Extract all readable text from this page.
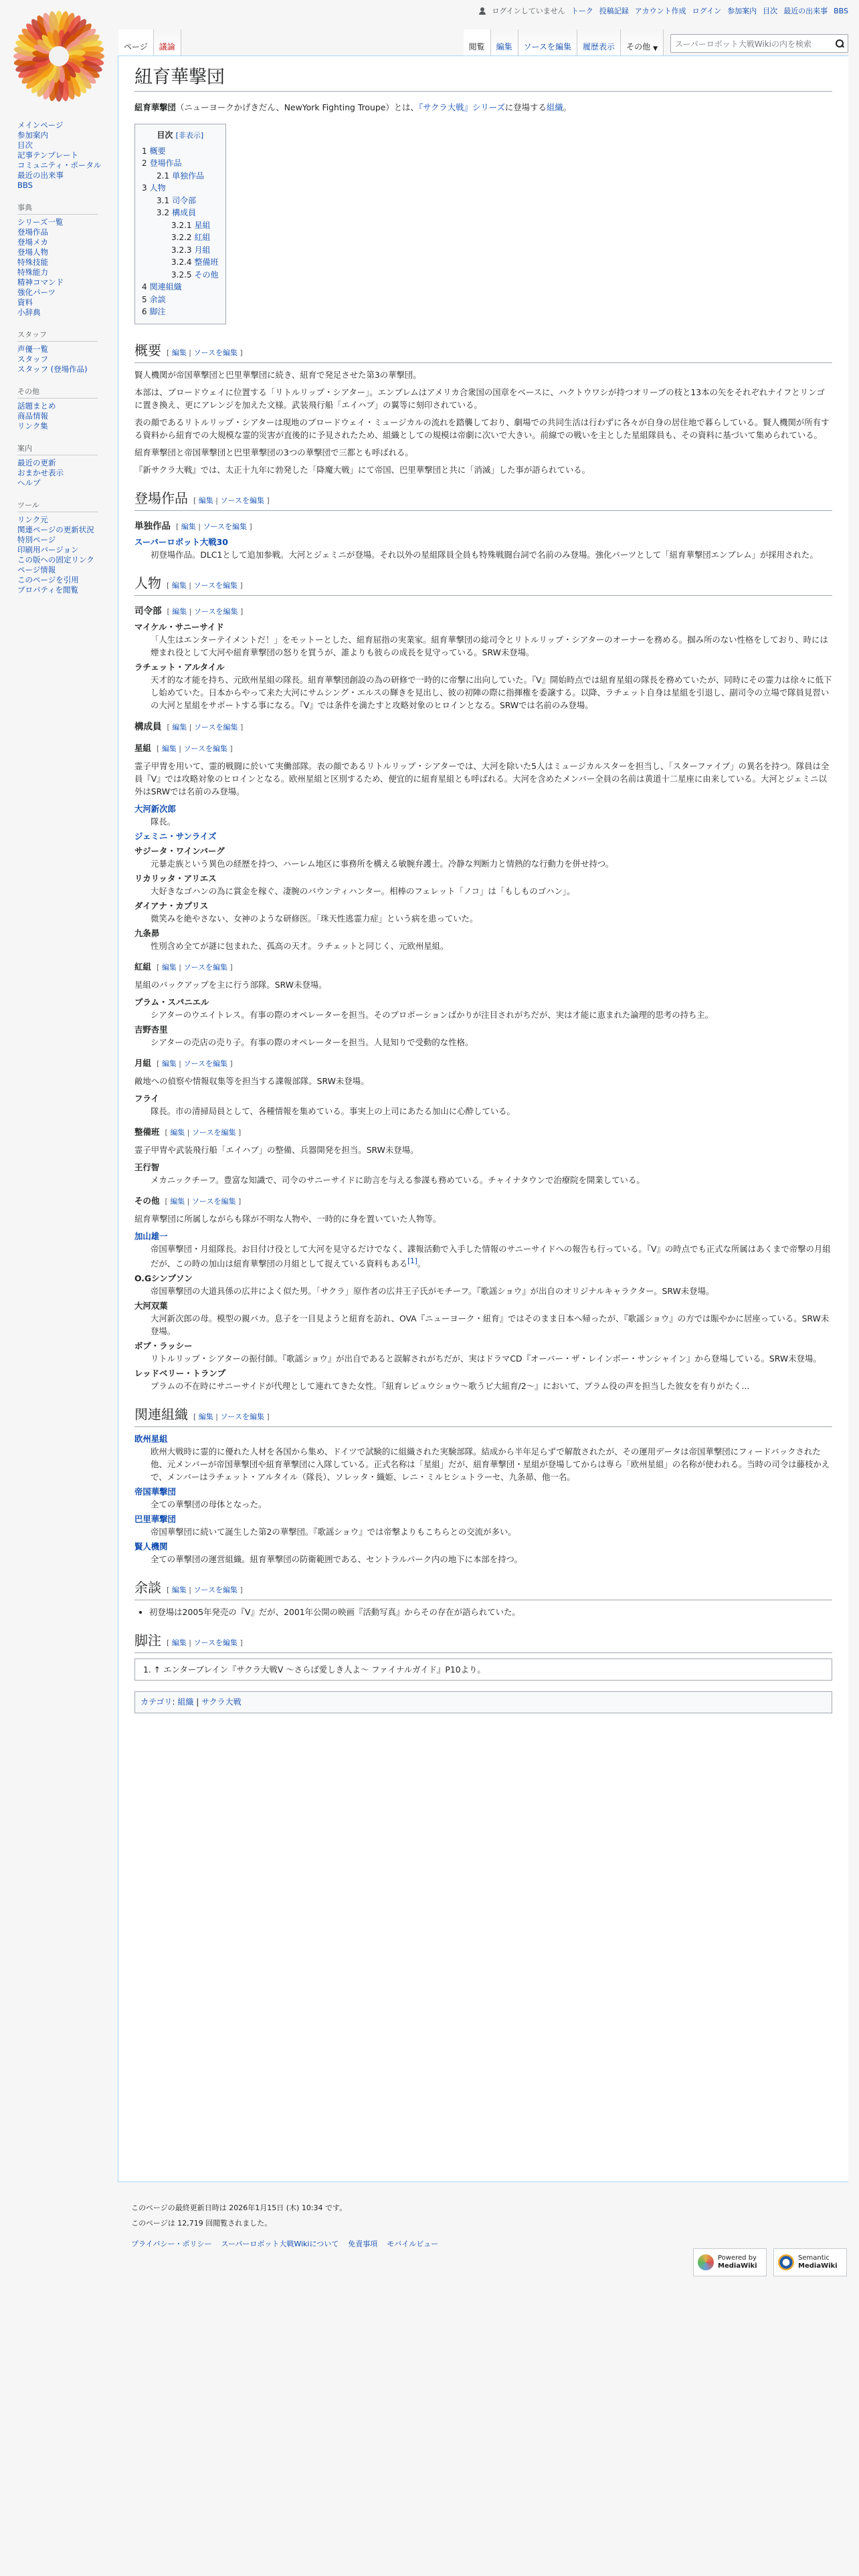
ログインしていません トーク 投稿記録 アカウント作成 ログイン 参加案内 目次 最近の出来事 BBS
ページ	議論	閲覧	編集	ソースを編集	履歴表示	その他 ▼
スーパーロボット大戦Wikiの内を検索
メインページ
参加案内
目次
記事テンプレート
コミュニティ・ポータル
最近の出来事
BBS
事典
シリーズ一覧
登場作品
登場メカ
登場人物
特殊技能
特殊能力
精神コマンド
強化パーツ
資料
小辞典
スタッフ
声優一覧
スタッフ
スタッフ (登場作品)
その他
話題まとめ
商品情報
リンク集
案内
最近の更新
おまかせ表示
ヘルプ
ツール
リンク元
関連ページの更新状況
特別ページ
印刷用バージョン
この版への固定リンク
ページ情報
このページを引用
プロパティを閲覧
紐育華撃団

紐育華撃団（ニューヨークかげきだん、NewYork Fighting Troupe）とは、『サクラ大戦』シリーズに登場する組織。

目次 [非表示]
1 概要
2 登場作品
2.1 単独作品
3 人物
3.1 司令部
3.2 構成員
3.2.1 星組
3.2.2 紅組
3.2.3 月組
3.2.4 整備班
3.2.5 その他
4 関連組織
5 余談
6 脚注
概要 [ 編集 | ソースを編集 ]

賢人機関が帝国華撃団と巴里華撃団に続き、紐育で発足させた第3の華撃団。

本部は、ブロードウェイに位置する「リトルリップ・シアター」。エンブレムはアメリカ合衆国の国章をベースに、ハクトウワシが持つオリーブの枝と13本の矢をそれぞれナイフとリンゴに置き換え、更にアレンジを加えた文様。武装飛行船「エイハブ」の翼等に刻印されている。

表の顔であるリトルリップ・シアターは現地のブロードウェイ・ミュージカルの流れを踏襲しており、劇場での共同生活は行わずに各々が自身の居住地で暮らしている。賢人機関が所有する資料から紐育での大規模な霊的災害が直後的に予見されたため、組織としての規模は帝劇に次いで大きい。前線での戦いを主とした星組隊員も、その資料に基づいて集められている。

紐育華撃団と帝国華撃団と巴里華撃団の3つの華撃団で三都とも呼ばれる。

『新サクラ大戦』では、太正十九年に勃発した「降魔大戦」にて帝国、巴里華撃団と共に「消滅」した事が語られている。

登場作品 [ 編集 | ソースを編集 ]
単独作品 [ 編集 | ソースを編集 ]
スーパーロボット大戦30
初登場作品。DLC1として追加参戦。大河とジェミニが登場。それ以外の星組隊員全員も特殊戦闘台詞で名前のみ登場。強化パーツとして「紐育華撃団エンブレム」が採用された。
人物 [ 編集 | ソースを編集 ]
司令部 [ 編集 | ソースを編集 ]
マイケル・サニーサイド
「人生はエンターテイメントだ！」をモットーとした、紐育屈指の実業家。紐育華撃団の総司令とリトルリップ・シアターのオーナーを務める。掴み所のない性格をしており、時には煙まれ役として大河や紐育華撃団の怒りを買うが、誰よりも彼らの成長を見守っている。SRW未登場。
ラチェット・アルタイル
天才的な才能を持ち、元欧州星組の隊長。紐育華撃団創設の為の研修で一時的に帝撃に出向していた。『V』開始時点では紐育星組の隊長を務めていたが、同時にその霊力は徐々に低下し始めていた。日本からやって来た大河にサムシング・エルスの輝きを見出し、彼の初陣の際に指揮権を委譲する。以降、ラチェット自身は星組を引退し、副司令の立場で隊員見習いの大河と星組をサポートする事になる。『V』では条件を満たすと攻略対象のヒロインとなる。SRWでは名前のみ登場。
構成員 [ 編集 | ソースを編集 ]
星組 [ 編集 | ソースを編集 ]

霊子甲冑を用いて、霊的戦闘に於いて実働部隊。表の顔であるリトルリップ・シアターでは、大河を除いた5人はミュージカルスターを担当し、「スターファイブ」の異名を持つ。隊員は全員『V』では攻略対象のヒロインとなる。欧州星組と区別するため、便宜的に紐育星組とも呼ばれる。大河を含めたメンバー全員の名前は黄道十二星座に由来している。大河とジェミニ以外はSRWでは名前のみ登場。

大河新次郎
隊長。
ジェミニ・サンライズ
サジータ・ワインバーグ
元暴走族という異色の経歴を持つ、ハーレム地区に事務所を構える敏腕弁護士。冷静な判断力と情熱的な行動力を併せ持つ。
リカリッタ・アリエス
大好きなゴハンの為に賞金を稼ぐ、凄腕のバウンティハンター。相棒のフェレット「ノコ」は「もしものゴハン」。
ダイアナ・カプリス
微笑みを絶やさない、女神のような研修医。「珠天性逃霊力症」という病を患っていた。
九条昴
性別含め全てが謎に包まれた、孤高の天才。ラチェットと同じく、元欧州星組。
紅組 [ 編集 | ソースを編集 ]

星組のバックアップを主に行う部隊。SRW未登場。

プラム・スパニエル
シアターのウエイトレス。有事の際のオペレーターを担当。そのプロポーションばかりが注目されがちだが、実は才能に恵まれた論理的思考の持ち主。
吉野杏里
シアターの売店の売り子。有事の際のオペレーターを担当。人見知りで受動的な性格。
月組 [ 編集 | ソースを編集 ]

敵地への偵察や情報収集等を担当する諜報部隊。SRW未登場。

フライ
隊長。市の清掃局員として、各種情報を集めている。事実上の上司にあたる加山に心酔している。
整備班 [ 編集 | ソースを編集 ]

霊子甲冑や武装飛行船「エイハブ」の整備、兵器開発を担当。SRW未登場。

王行智
メカニックチーフ。豊富な知識で、司令のサニーサイドに助言を与える参謀も務めている。チャイナタウンで治療院を開業している。
その他 [ 編集 | ソースを編集 ]

紐育華撃団に所属しながらも隊が不明な人物や、一時的に身を置いていた人物等。

加山雄一
帝国華撃団・月組隊長。お目付け役として大河を見守るだけでなく、諜報活動で入手した情報のサニーサイドへの報告も行っている。『V』の時点でも正式な所属はあくまで帝撃の月組だが、この時の加山は紐育華撃団の月組として捉えている資料もある[1]。
O.Gシンプソン
帝国華撃団の大道具係の広井によく似た男。「サクラ」原作者の広井王子氏がモチーフ。『歌謡ショウ』が出自のオリジナルキャラクター。SRW未登場。
大河双葉
大河新次郎の母。模型の親バカ。息子を一目見ようと紐育を訪れ、OVA『ニューヨーク・紐育』ではそのまま日本へ帰ったが、『歌謡ショウ』の方では賑やかに居座っている。SRW未登場。
ボブ・ラッシー
リトルリップ・シアターの振付師。『歌謡ショウ』が出自であると誤解されがちだが、実はドラマCD『オーバー・ザ・レインボー・サンシャイン』から登場している。SRW未登場。
レッドベリー・トランプ
プラムの不在時にサニーサイドが代理として連れてきた女性。『紐育レビュウショウ〜歌うビ大紐育/2〜』において、プラム役の声を担当した彼女を有りがたく...
関連組織 [ 編集 | ソースを編集 ]
欧州星組
欧州大戦時に霊的に優れた人材を各国から集め、ドイツで試験的に組織された実験部隊。結成から半年足らずで解散されたが、その運用データは帝国華撃団にフィードバックされた他、元メンバーが帝国華撃団や紐育華撃団に入隊している。正式名称は「星組」だが、紐育華撃団・星組が登場してからは専ら「欧州星組」の名称が使われる。当時の司令は藤枝かえで、メンバーはラチェット・アルタイル（隊長）、ソレッタ・織姫、レニ・ミルヒシュトラーセ、九条昴、他一名。
帝国華撃団
全ての華撃団の母体となった。
巴里華撃団
帝国華撃団に続いて誕生した第2の華撃団。『歌謡ショウ』では帝撃よりもこちらとの交流が多い。
賢人機関
全ての華撃団の運営組織。紐育華撃団の防衛範囲である、セントラルパーク内の地下に本部を持つ。
余談 [ 編集 | ソースを編集 ]
• 初登場は2005年発売の『V』だが、2001年公開の映画『活動写真』からその存在が語られていた。
脚注 [ 編集 | ソースを編集 ]
1. ↑ エンターブレイン『サクラ大戦V 〜さらば愛しき人よ〜 ファイナルガイド』P10より。
カテゴリ: 組織 | サクラ大戦
このページの最終更新日時は 2026年1月15日 (木) 10:34 です。
このページは 12,719 回閲覧されました。
プライバシー・ポリシー スーパーロボット大戦Wikiについて 免責事項 モバイルビュー
Powered by
MediaWiki
Semantic
MediaWiki
